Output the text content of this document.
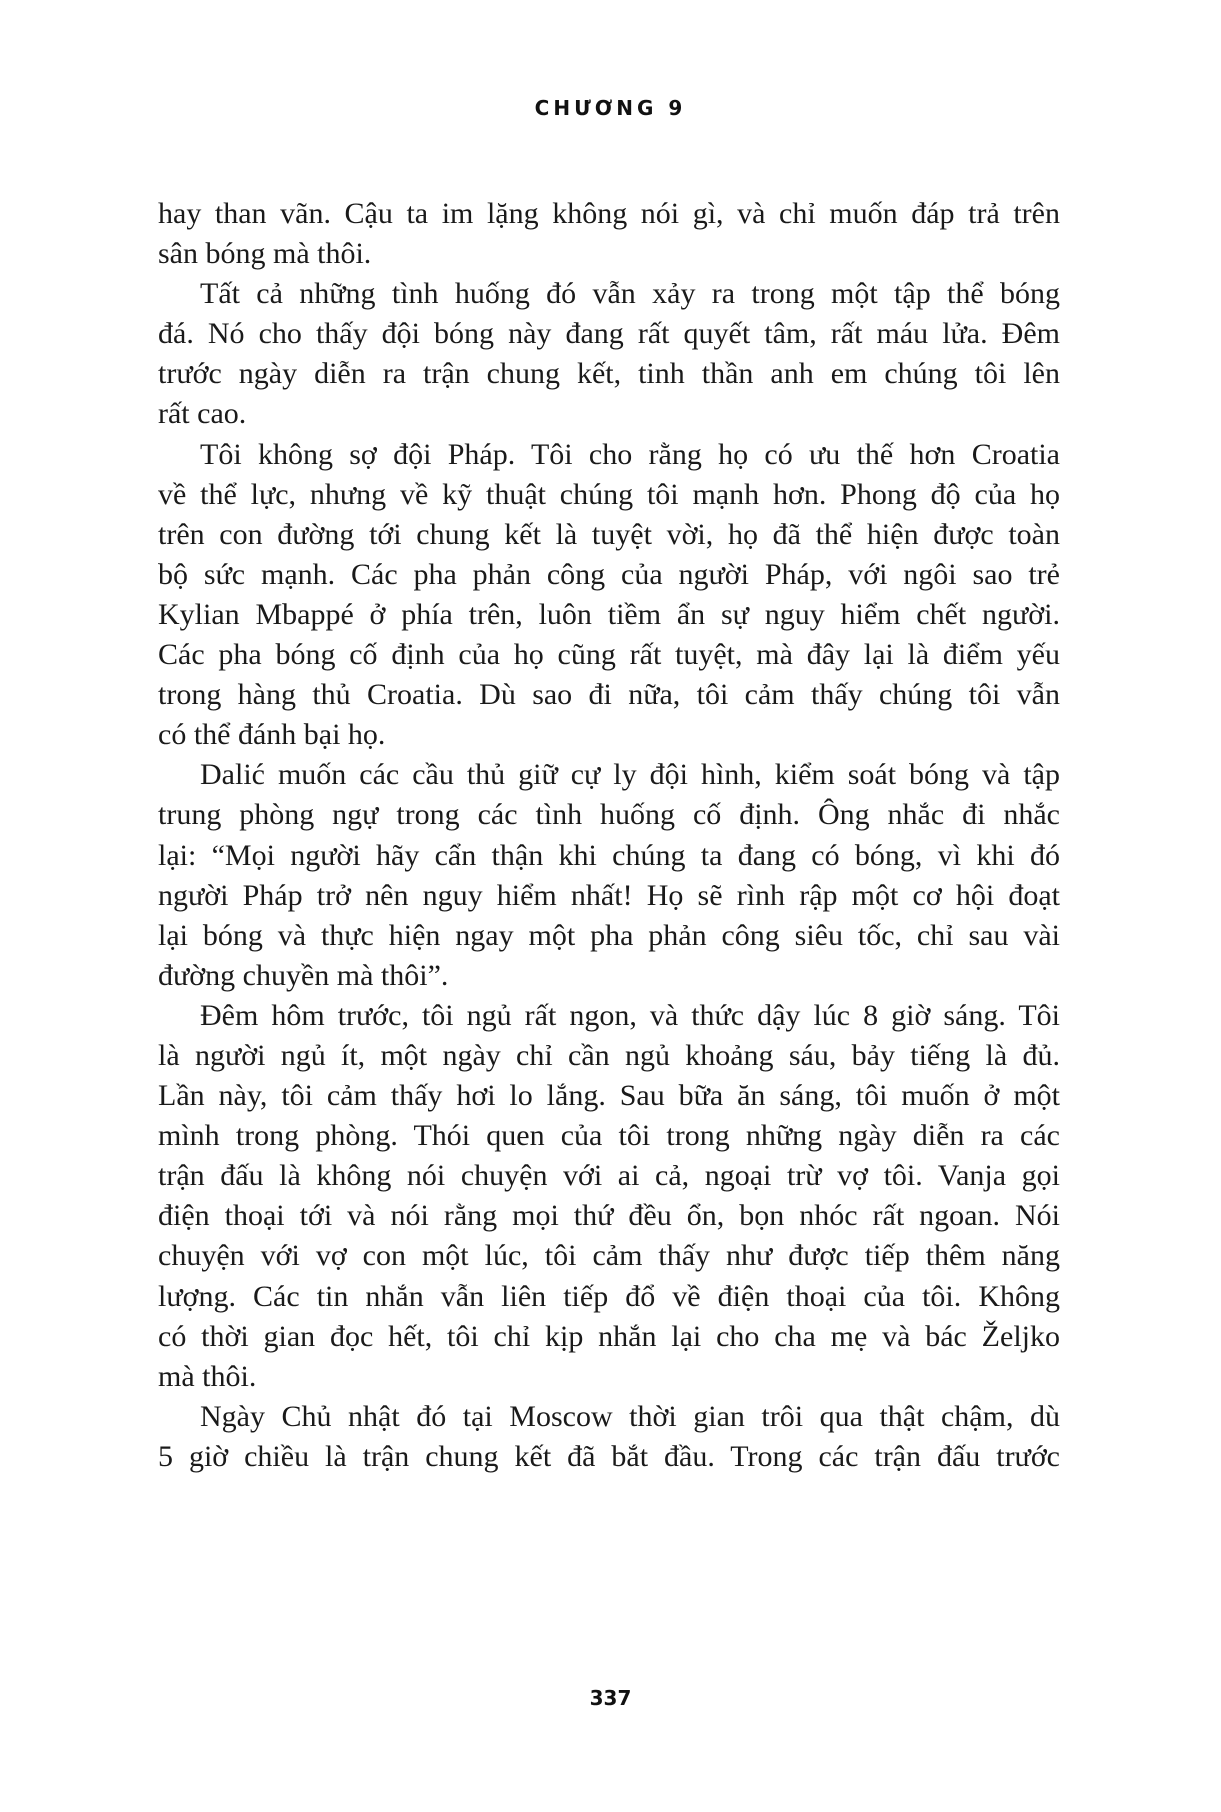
CHƯƠNG 9
hay than vãn. Cậu ta im lặng không nói gì, và chỉ muốn đáp trả trên
sân bóng mà thôi.
Tất cả những tình huống đó vẫn xảy ra trong một tập thể bóng
đá. Nó cho thấy đội bóng này đang rất quyết tâm, rất máu lửa. Đêm
trước ngày diễn ra trận chung kết, tinh thần anh em chúng tôi lên
rất cao.
Tôi không sợ đội Pháp. Tôi cho rằng họ có ưu thế hơn Croatia
về thể lực, nhưng về kỹ thuật chúng tôi mạnh hơn. Phong độ của họ
trên con đường tới chung kết là tuyệt vời, họ đã thể hiện được toàn
bộ sức mạnh. Các pha phản công của người Pháp, với ngôi sao trẻ
Kylian Mbappé ở phía trên, luôn tiềm ẩn sự nguy hiểm chết người.
Các pha bóng cố định của họ cũng rất tuyệt, mà đây lại là điểm yếu
trong hàng thủ Croatia. Dù sao đi nữa, tôi cảm thấy chúng tôi vẫn
có thể đánh bại họ.
Dalić muốn các cầu thủ giữ cự ly đội hình, kiểm soát bóng và tập
trung phòng ngự trong các tình huống cố định. Ông nhắc đi nhắc
lại: “Mọi người hãy cẩn thận khi chúng ta đang có bóng, vì khi đó
người Pháp trở nên nguy hiểm nhất! Họ sẽ rình rập một cơ hội đoạt
lại bóng và thực hiện ngay một pha phản công siêu tốc, chỉ sau vài
đường chuyền mà thôi”.
Đêm hôm trước, tôi ngủ rất ngon, và thức dậy lúc 8 giờ sáng. Tôi
là người ngủ ít, một ngày chỉ cần ngủ khoảng sáu, bảy tiếng là đủ.
Lần này, tôi cảm thấy hơi lo lắng. Sau bữa ăn sáng, tôi muốn ở một
mình trong phòng. Thói quen của tôi trong những ngày diễn ra các
trận đấu là không nói chuyện với ai cả, ngoại trừ vợ tôi. Vanja gọi
điện thoại tới và nói rằng mọi thứ đều ổn, bọn nhóc rất ngoan. Nói
chuyện với vợ con một lúc, tôi cảm thấy như được tiếp thêm năng
lượng. Các tin nhắn vẫn liên tiếp đổ về điện thoại của tôi. Không
có thời gian đọc hết, tôi chỉ kịp nhắn lại cho cha mẹ và bác Željko
mà thôi.
Ngày Chủ nhật đó tại Moscow thời gian trôi qua thật chậm, dù
5 giờ chiều là trận chung kết đã bắt đầu. Trong các trận đấu trước
337
